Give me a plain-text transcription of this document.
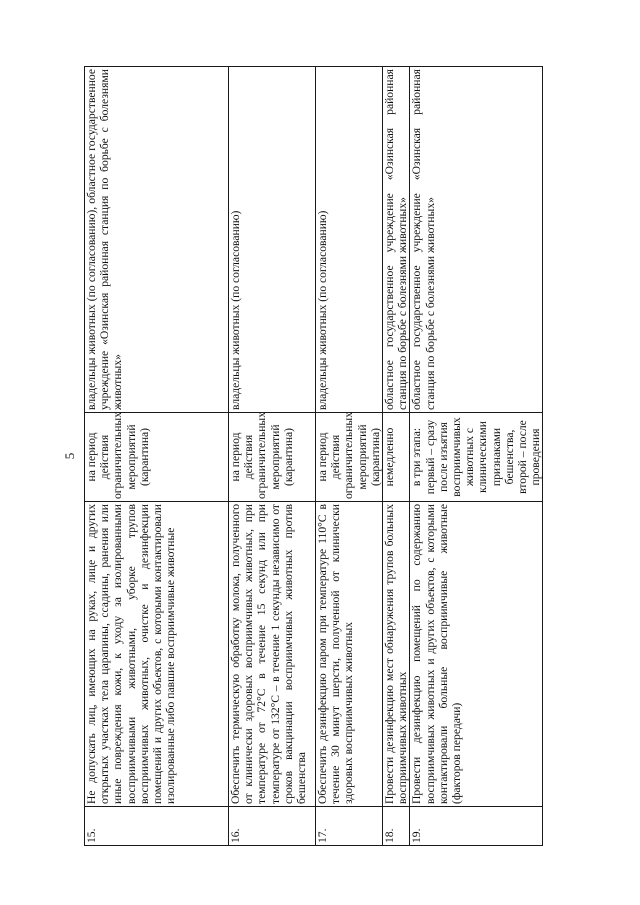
5
15.	Не допускать лиц, имеющих на руках, лице и других открытых участках тела царапины, ссадины, ранения или иные повреждения кожи, к уходу за изолированными восприимчивыми животными, уборке трупов восприимчивых животных, очистке и дезинфекции помещений и других объектов, с которыми контактировали изолированные либо павшие восприимчивые животные	на период действия ограничительных мероприятий (карантина)	владельцы животных (по согласованию), областное государственное учреждение «Озинская районная станция по борьбе с болезнями животных»
16.	Обеспечить термическую обработку молока, полученного от клинически здоровых восприимчивых животных, при температуре от 72°С в течение 15 секунд или при температуре от 132°С – в течение 1 секунды независимо от сроков вакцинации восприимчивых животных против бешенства	на период действия ограничительных мероприятий (карантина)	владельцы животных (по согласованию)
17.	Обеспечить дезинфекцию паром при температуре 110°С в течение 30 минут шерсти, полученной от клинически здоровых восприимчивых животных	на период действия ограничительных мероприятий (карантина)	владельцы животных (по согласованию)
18.	Провести дезинфекцию мест обнаружения трупов больных восприимчивых животных	немедленно	областное государственное учреждение «Озинская районная станция по борьбе с болезнями животных»
19.	Провести дезинфекцию помещений по содержанию восприимчивых животных и других объектов, с которыми контактировали больные восприимчивые животные (факторов передачи)	в три этапа: первый – сразу после изъятия восприимчивых животных с клиническими признаками бешенства, второй – после проведения	областное государственное учреждение «Озинская районная станция по борьбе с болезнями животных»
